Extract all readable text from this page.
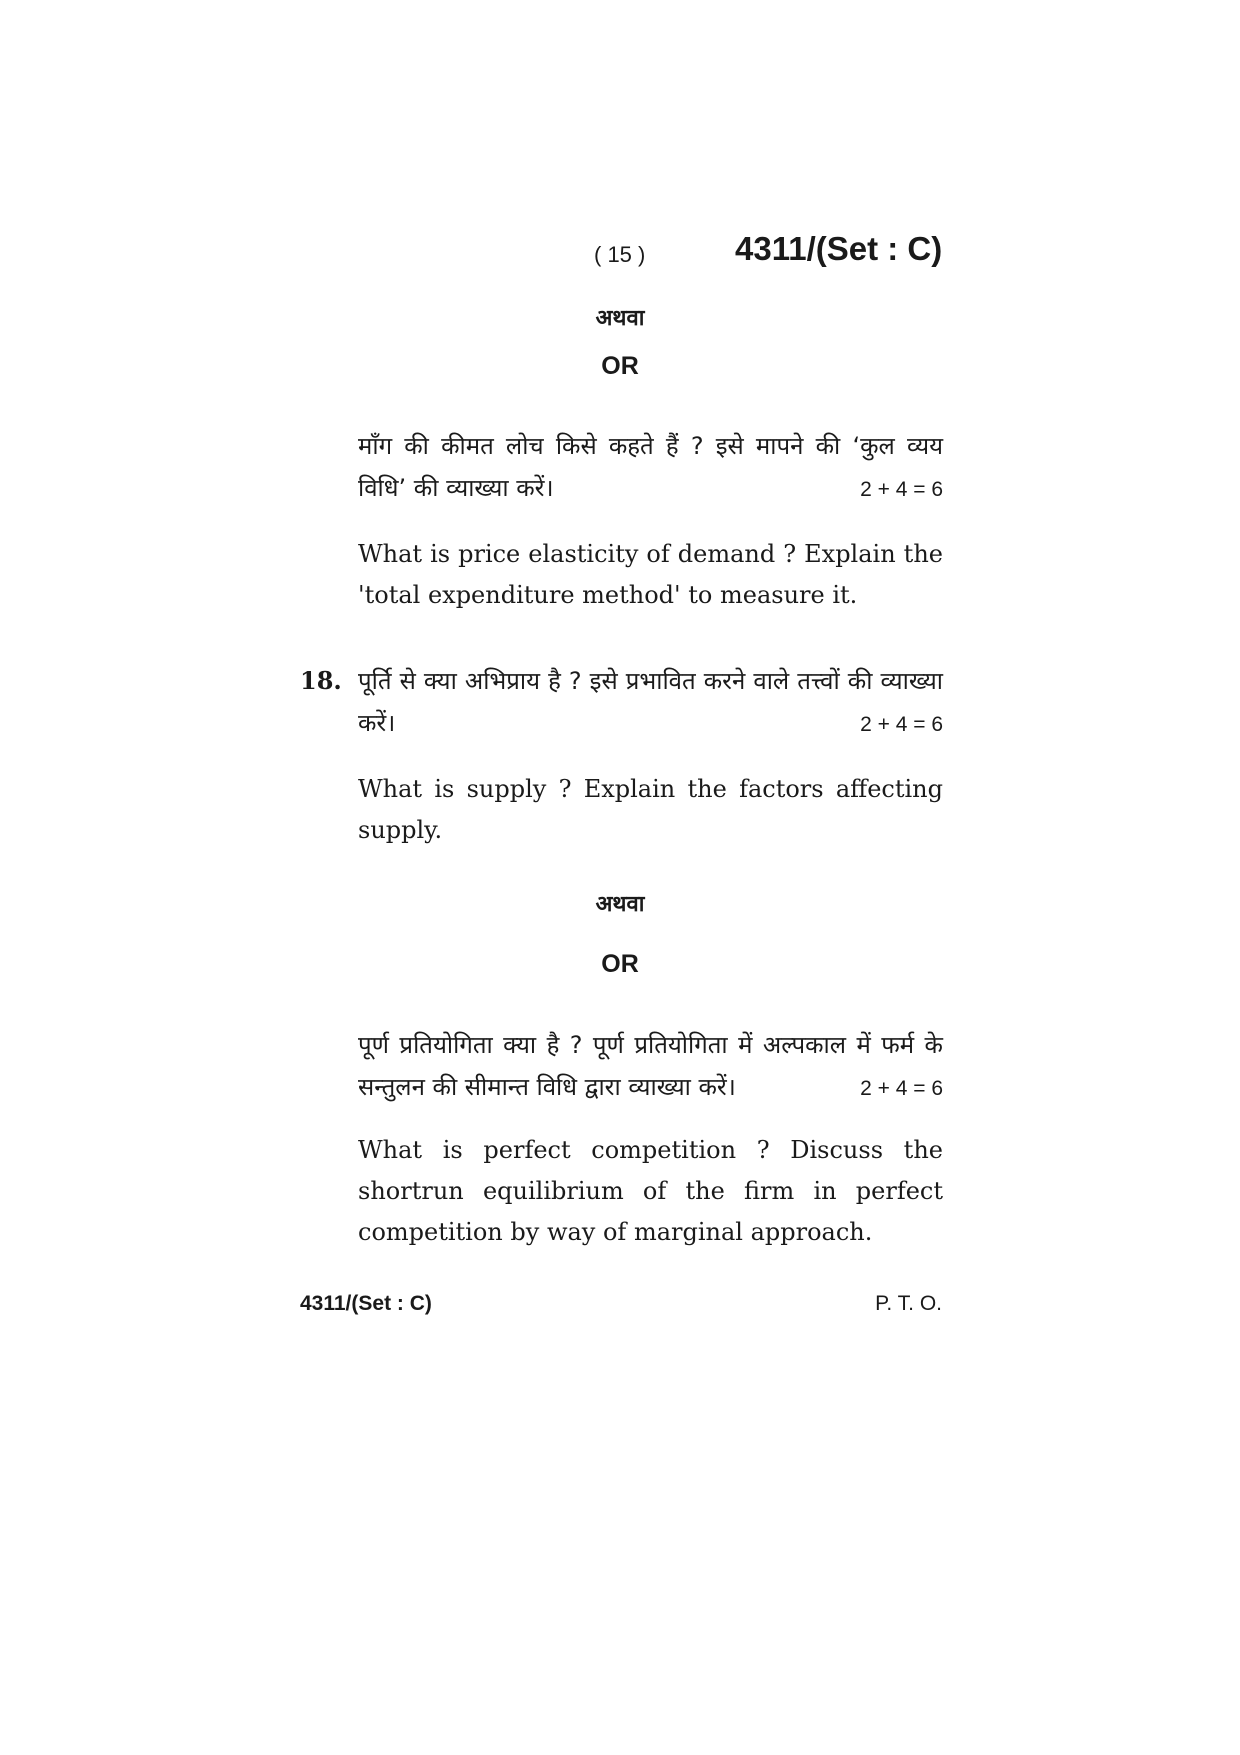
( 15 )	4311/(Set : C)
अथवा
OR
माँग की कीमत लोच किसे कहते हैं ? इसे मापने की ‘कुल व्यय
विधि’ की व्याख्या करें।	2 + 4 = 6
What is price elasticity of demand ? Explain the
'total expenditure method' to measure it.
18. पूर्ति से क्या अभिप्राय है ? इसे प्रभावित करने वाले तत्त्वों की व्याख्या
करें।	2 + 4 = 6
What is supply ? Explain the factors affecting
supply.
अथवा
OR
पूर्ण प्रतियोगिता क्या है ? पूर्ण प्रतियोगिता में अल्पकाल में फर्म के
सन्तुलन की सीमान्त विधि द्वारा व्याख्या करें।	2 + 4 = 6
What is perfect competition ? Discuss the
shortrun equilibrium of the firm in perfect
competition by way of marginal approach.
4311/(Set : C)	P. T. O.
